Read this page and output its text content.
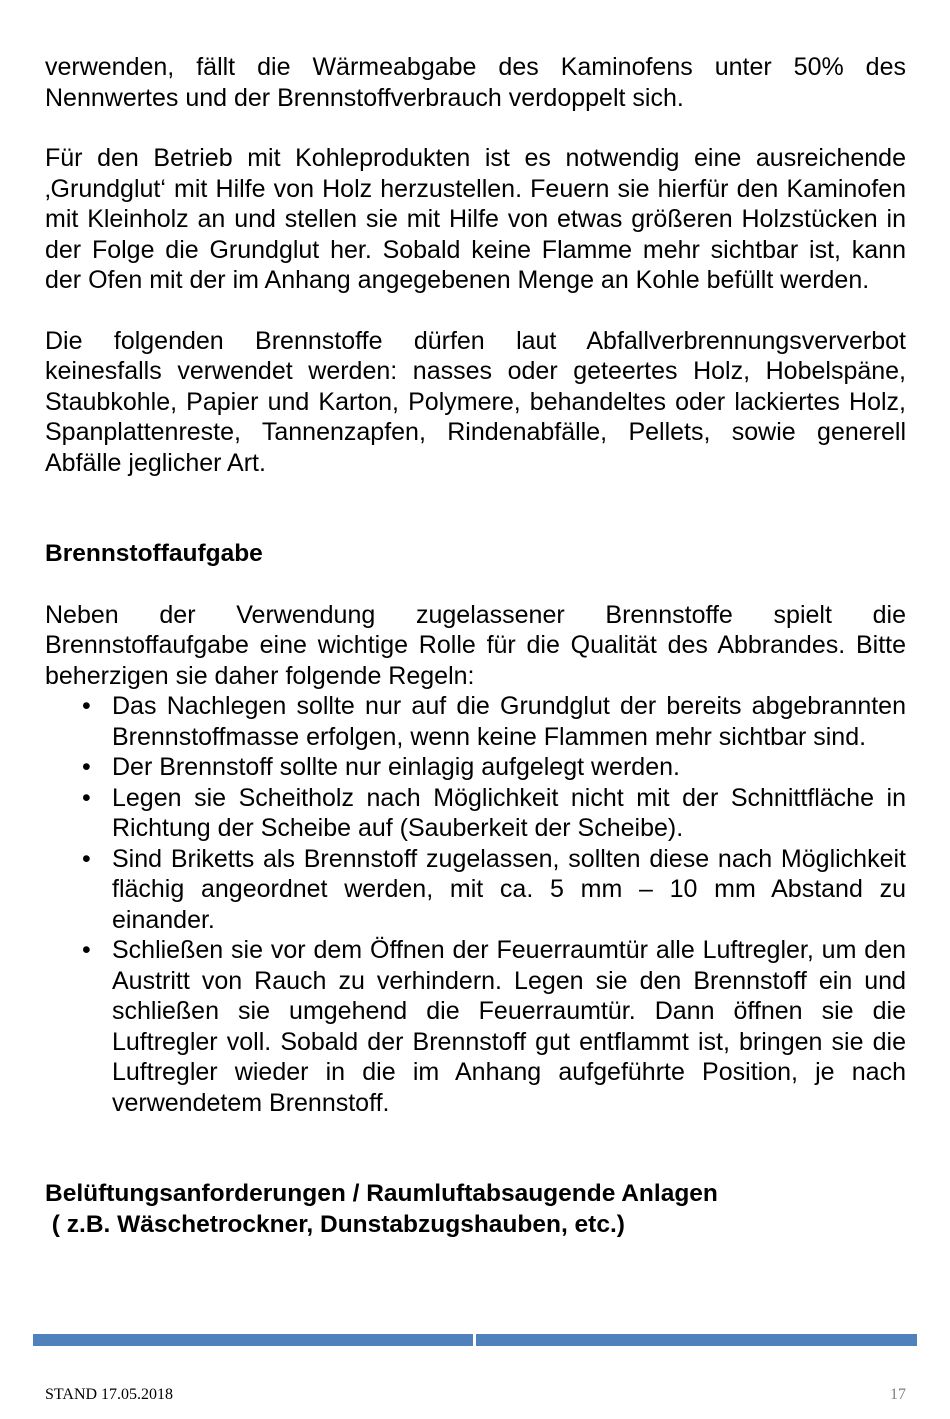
verwenden, fällt die Wärmeabgabe des Kaminofens unter 50% des Nennwertes und der Brennstoffverbrauch verdoppelt sich.

Für den Betrieb mit Kohleprodukten ist es notwendig eine ausreichende ‚Grundglut‘ mit Hilfe von Holz herzustellen. Feuern sie hierfür den Kaminofen mit Kleinholz an und stellen sie mit Hilfe von etwas größeren Holzstücken in der Folge die Grundglut her. Sobald keine Flamme mehr sichtbar ist, kann der Ofen mit der im Anhang angegebenen Menge an Kohle befüllt werden.

Die folgenden Brennstoffe dürfen laut Abfallverbrennungsververbot keinesfalls verwendet werden: nasses oder geteertes Holz, Hobelspäne, Staubkohle, Papier und Karton, Polymere, behandeltes oder lackiertes Holz, Spanplattenreste, Tannenzapfen, Rindenabfälle, Pellets, sowie generell Abfälle jeglicher Art.

Brennstoffaufgabe

Neben der Verwendung zugelassener Brennstoffe spielt die Brennstoffaufgabe eine wichtige Rolle für die Qualität des Abbrandes. Bitte beherzigen sie daher folgende Regeln:

• Das Nachlegen sollte nur auf die Grundglut der bereits abgebrannten Brennstoffmasse erfolgen, wenn keine Flammen mehr sichtbar sind.
• Der Brennstoff sollte nur einlagig aufgelegt werden.
• Legen sie Scheitholz nach Möglichkeit nicht mit der Schnittfläche in Richtung der Scheibe auf (Sauberkeit der Scheibe).
• Sind Briketts als Brennstoff zugelassen, sollten diese nach Möglichkeit flächig angeordnet werden, mit ca. 5 mm – 10 mm Abstand zu einander.
• Schließen sie vor dem Öffnen der Feuerraumtür alle Luftregler, um den Austritt von Rauch zu verhindern. Legen sie den Brennstoff ein und schließen sie umgehend die Feuerraumtür. Dann öffnen sie die Luftregler voll. Sobald der Brennstoff gut entflammt ist, bringen sie die Luftregler wieder in die im Anhang aufgeführte Position, je nach verwendetem Brennstoff.

Belüftungsanforderungen / Raumluftabsaugende Anlagen

( z.B. Wäschetrockner, Dunstabzugshauben, etc.)

STAND 17.05.2018	17
